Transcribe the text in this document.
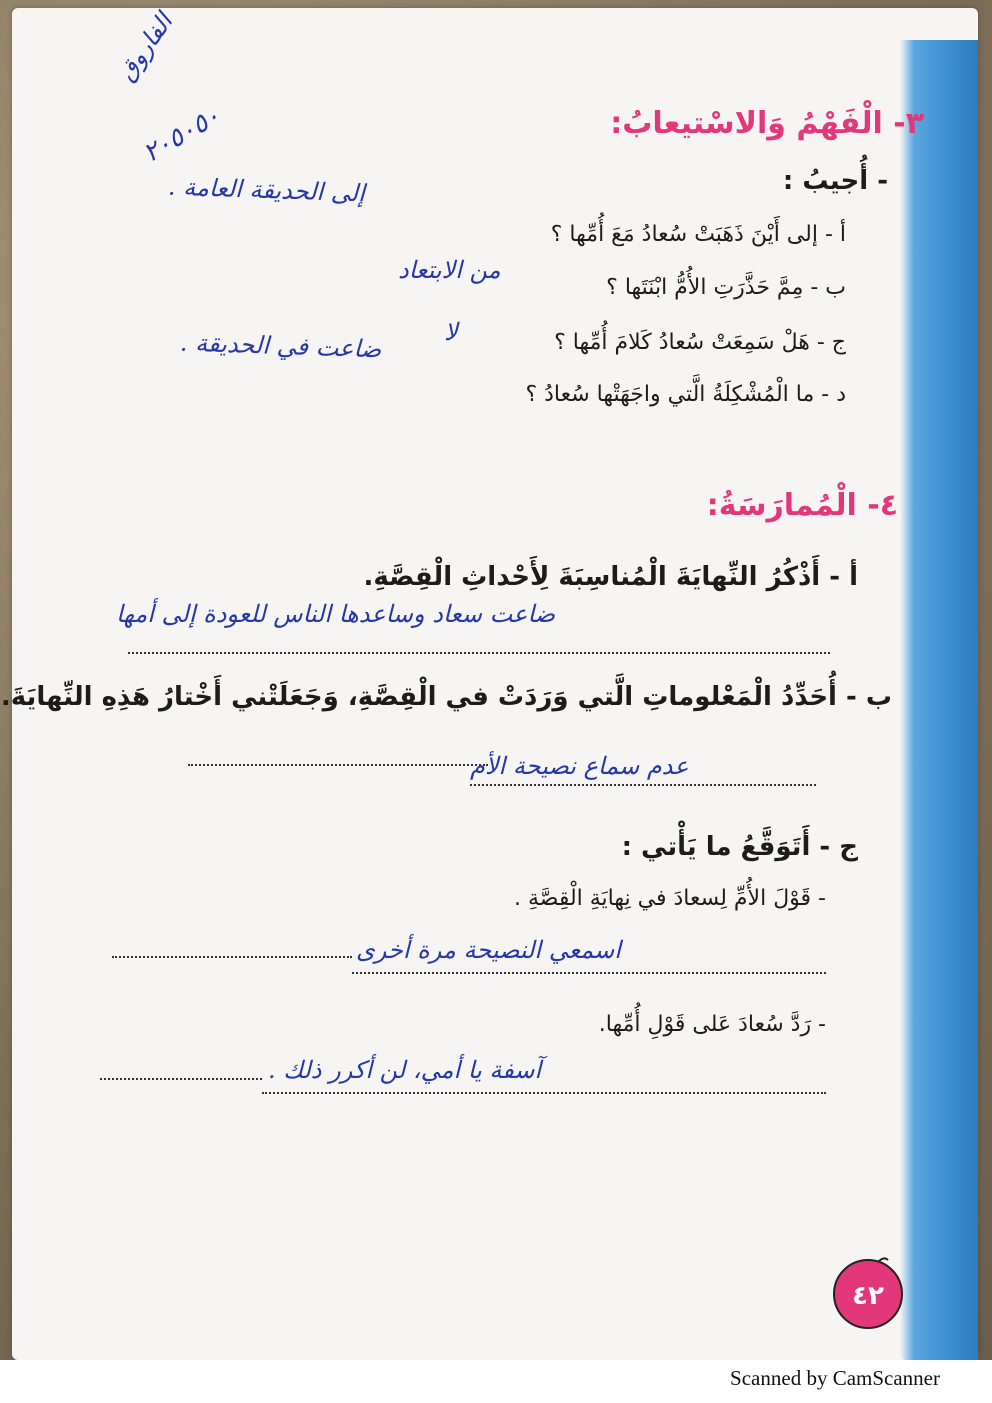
الفاروق
٢٠٥٠٥٠	٣- الْفَهْمُ وَالاسْتيعابُ:
- أُجيبُ :
أ - إلى أَيْنَ ذَهَبَتْ سُعادُ مَعَ أُمِّها ؟
إلى الحديقة العامة .
ب - مِمَّ حَذَّرَتِ الأُمُّ ابْنَتَها ؟
من الابتعاد
ج - هَلْ سَمِعَتْ سُعادُ كَلامَ أُمِّها ؟
لا
د - ما الْمُشْكِلَةُ الَّتي واجَهَتْها سُعادُ ؟
ضاعت في الحديقة .
٤- الْمُمارَسَةُ:
أ - أَذْكُرُ النِّهايَةَ الْمُناسِبَةَ لِأَحْداثِ الْقِصَّةِ.
ضاعت سعاد وساعدها الناس للعودة إلى أمها
ب - أُحَدِّدُ الْمَعْلوماتِ الَّتي وَرَدَتْ في الْقِصَّةِ، وَجَعَلَتْني أَخْتارُ هَذِهِ النِّهايَةَ.
عدم سماع نصيحة الأم
ج - أَتَوَقَّعُ ما يَأْتي :
- قَوْلَ الأُمِّ لِسعادَ في نِهايَةِ الْقِصَّةِ .
اسمعي النصيحة مرة أخرى
- رَدَّ سُعادَ عَلى قَوْلِ أُمِّها.
آسفة يا أمي، لن أكرر ذلك .
٤٢
Scanned by CamScanner
